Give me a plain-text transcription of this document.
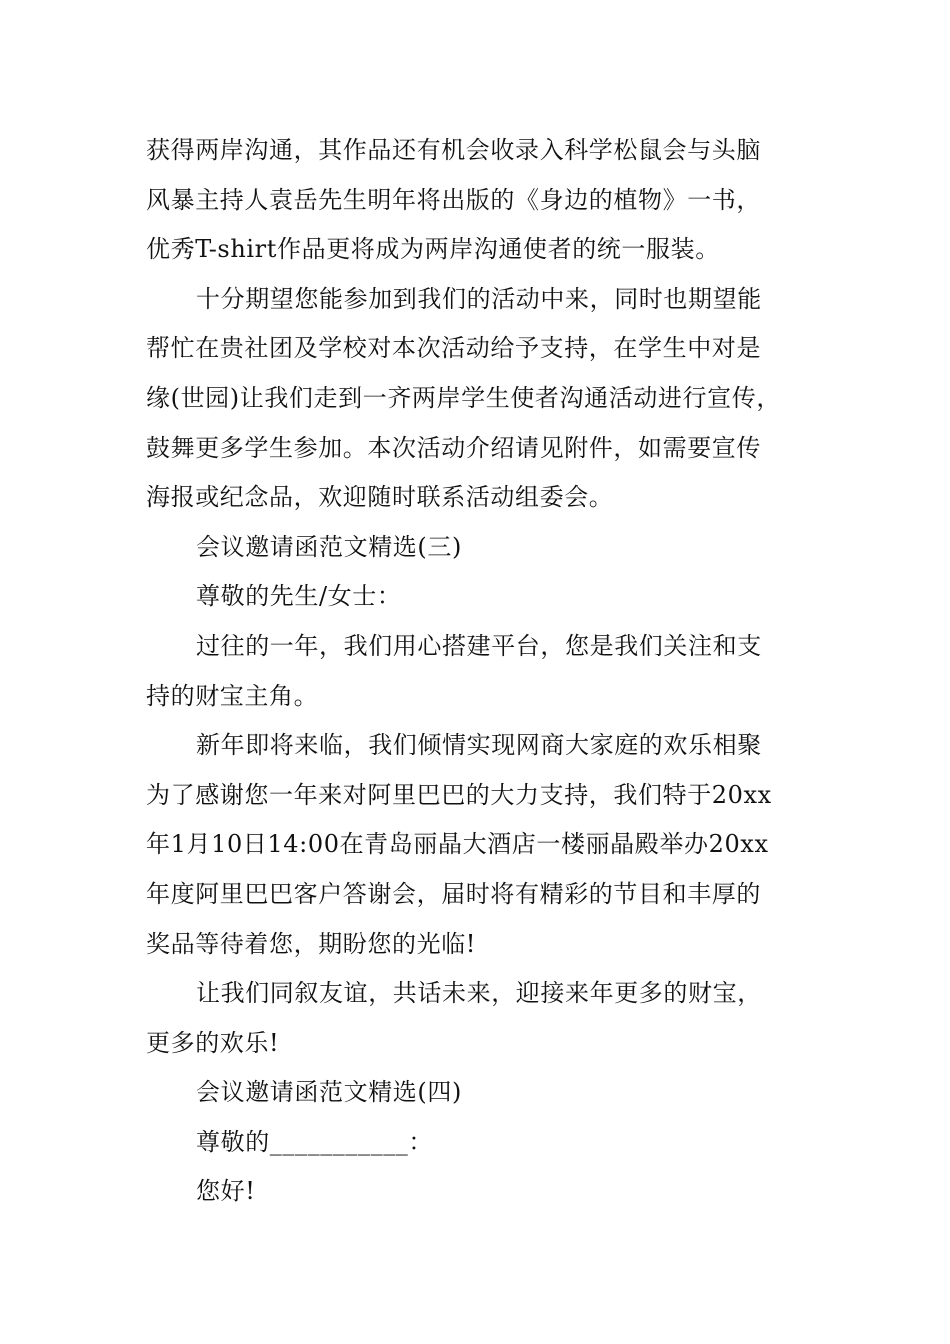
获得两岸沟通，其作品还有机会收录入科学松鼠会与头脑
风暴主持人袁岳先生明年将出版的《身边的植物》一书，
优秀T-shirt作品更将成为两岸沟通使者的统一服装。
十分期望您能参加到我们的活动中来，同时也期望能
帮忙在贵社团及学校对本次活动给予支持，在学生中对是
缘(世园)让我们走到一齐两岸学生使者沟通活动进行宣传，
鼓舞更多学生参加。本次活动介绍请见附件，如需要宣传
海报或纪念品，欢迎随时联系活动组委会。
会议邀请函范文精选(三)
尊敬的先生/女士：
过往的一年，我们用心搭建平台，您是我们关注和支
持的财宝主角。
新年即将来临，我们倾情实现网商大家庭的欢乐相聚
为了感谢您一年来对阿里巴巴的大力支持，我们特于20xx
年1月10日14:00在青岛丽晶大酒店一楼丽晶殿举办20xx
年度阿里巴巴客户答谢会，届时将有精彩的节目和丰厚的
奖品等待着您，期盼您的光临!
让我们同叙友谊，共话未来，迎接来年更多的财宝，
更多的欢乐!
会议邀请函范文精选(四)
尊敬的___________：
您好!
